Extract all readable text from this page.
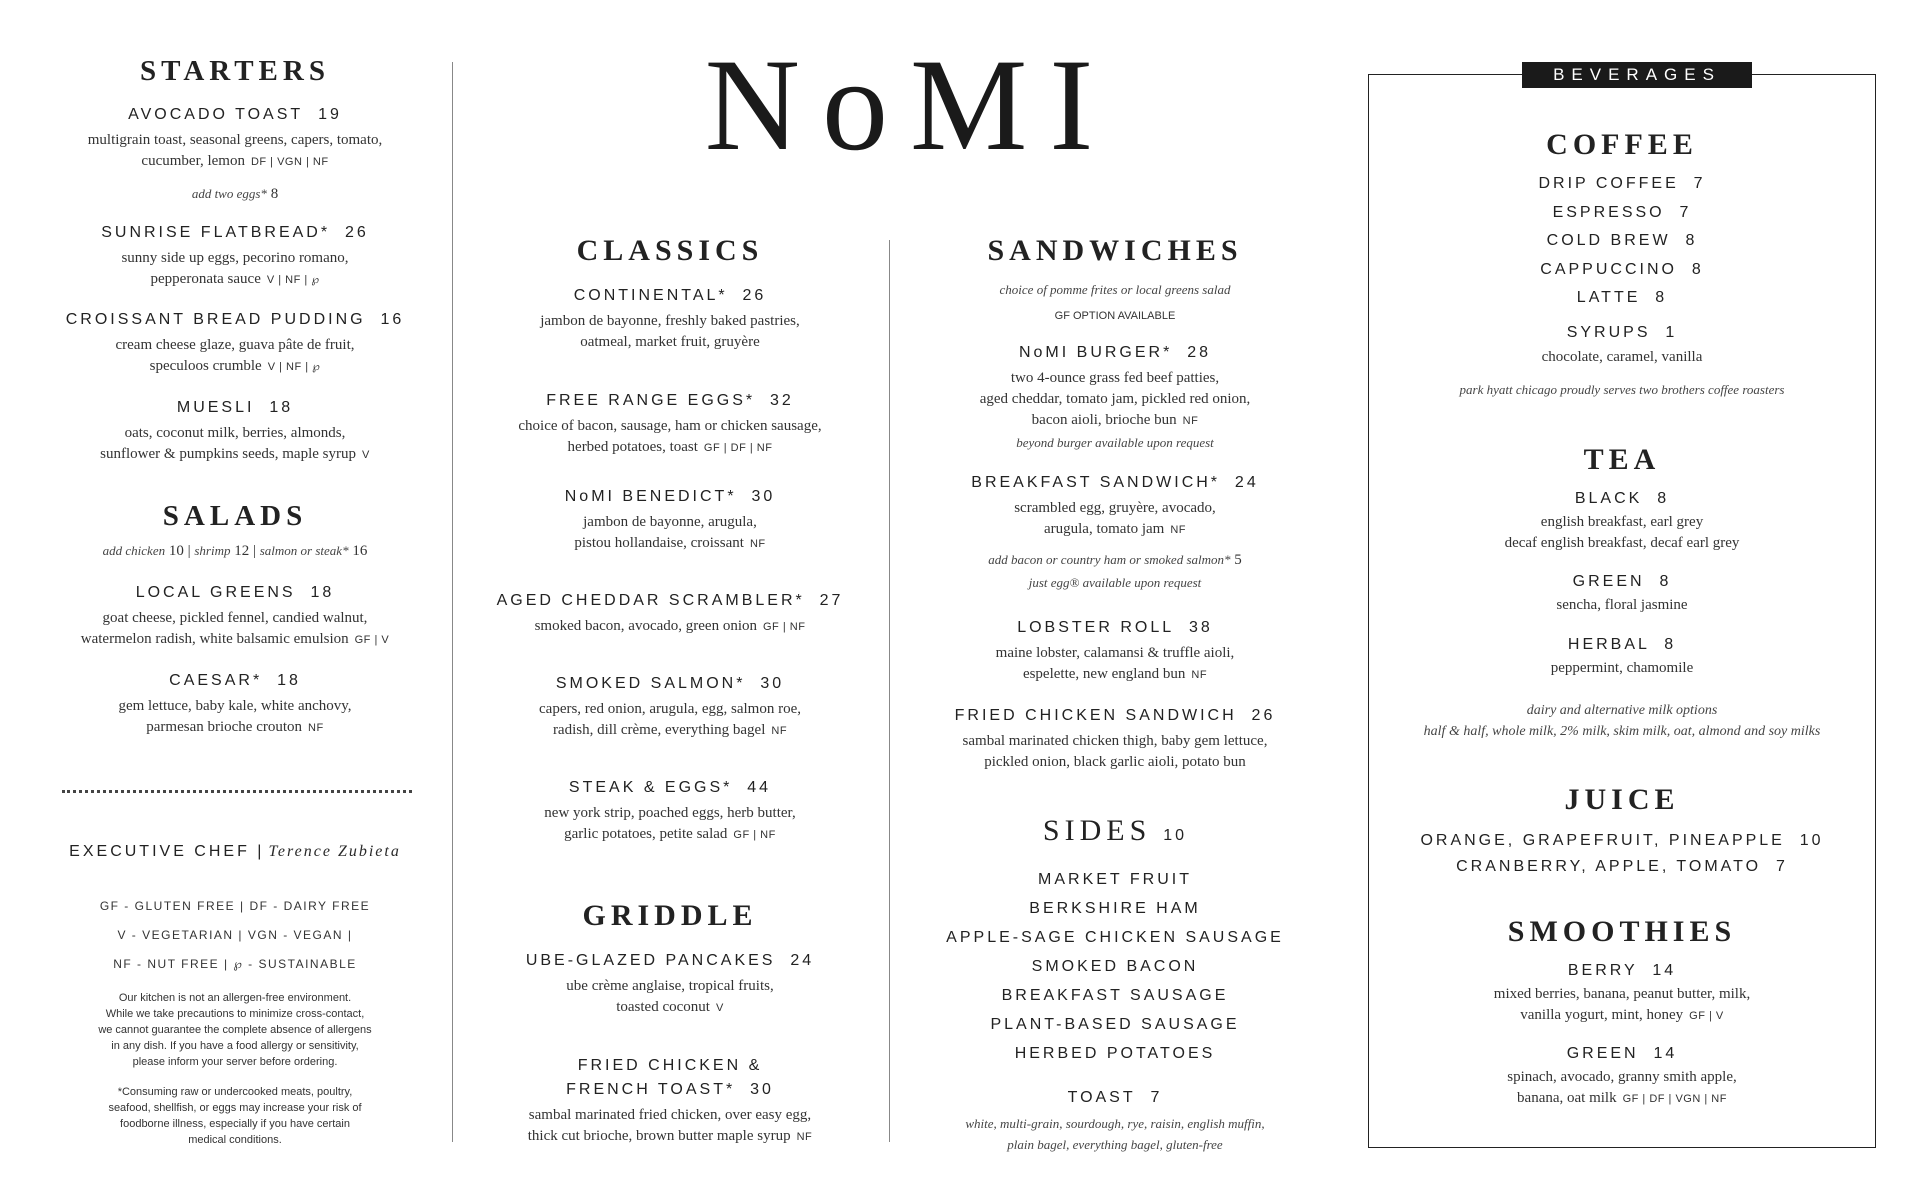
STARTERS

AVOCADO TOAST 19

multigrain toast, seasonal greens, capers, tomato,

cucumber, lemon DF | VGN | NF

add two eggs* 8

SUNRISE FLATBREAD* 26

sunny side up eggs, pecorino romano,

pepperonata sauce V | NF | ℘

CROISSANT BREAD PUDDING 16

cream cheese glaze, guava pâte de fruit,

speculoos crumble V | NF | ℘

MUESLI 18

oats, coconut milk, berries, almonds,

sunflower & pumpkins seeds, maple syrup V

SALADS

add chicken 10 | shrimp 12 | salmon or steak* 16

LOCAL GREENS 18

goat cheese, pickled fennel, candied walnut,

watermelon radish, white balsamic emulsion GF | V

CAESAR* 18

gem lettuce, baby kale, white anchovy,

parmesan brioche crouton NF

EXECUTIVE CHEF | Terence Zubieta

GF - GLUTEN FREE | DF - DAIRY FREE

V - VEGETARIAN | VGN - VEGAN |

NF - NUT FREE | ℘ - SUSTAINABLE

Our kitchen is not an allergen-free environment.

While we take precautions to minimize cross-contact,

we cannot guarantee the complete absence of allergens

in any dish. If you have a food allergy or sensitivity,

please inform your server before ordering.

*Consuming raw or undercooked meats, poultry,

seafood, shellfish, or eggs may increase your risk of

foodborne illness, especially if you have certain

medical conditions.

NoMI
CLASSICS

CONTINENTAL* 26

jambon de bayonne, freshly baked pastries,

oatmeal, market fruit, gruyère

FREE RANGE EGGS* 32

choice of bacon, sausage, ham or chicken sausage,

herbed potatoes, toast GF | DF | NF

NoMI BENEDICT* 30

jambon de bayonne, arugula,

pistou hollandaise, croissant NF

AGED CHEDDAR SCRAMBLER* 27

smoked bacon, avocado, green onion GF | NF

SMOKED SALMON* 30

capers, red onion, arugula, egg, salmon roe,

radish, dill crème, everything bagel NF

STEAK & EGGS* 44

new york strip, poached eggs, herb butter,

garlic potatoes, petite salad GF | NF

GRIDDLE

UBE-GLAZED PANCAKES 24

ube crème anglaise, tropical fruits,

toasted coconut V

FRIED CHICKEN &

FRENCH TOAST* 30

sambal marinated fried chicken, over easy egg,

thick cut brioche, brown butter maple syrup NF

SANDWICHES

choice of pomme frites or local greens salad

GF OPTION AVAILABLE

NoMI BURGER* 28

two 4-ounce grass fed beef patties,

aged cheddar, tomato jam, pickled red onion,

bacon aioli, brioche bun NF

beyond burger available upon request

BREAKFAST SANDWICH* 24

scrambled egg, gruyère, avocado,

arugula, tomato jam NF

add bacon or country ham or smoked salmon* 5

just egg® available upon request

LOBSTER ROLL 38

maine lobster, calamansi & truffle aioli,

espelette, new england bun NF

FRIED CHICKEN SANDWICH 26

sambal marinated chicken thigh, baby gem lettuce,

pickled onion, black garlic aioli, potato bun

SIDES 10

MARKET FRUIT

BERKSHIRE HAM

APPLE-SAGE CHICKEN SAUSAGE

SMOKED BACON

BREAKFAST SAUSAGE

PLANT-BASED SAUSAGE

HERBED POTATOES

TOAST 7

white, multi-grain, sourdough, rye, raisin, english muffin,

plain bagel, everything bagel, gluten-free

BEVERAGES
COFFEE

DRIP COFFEE  7

ESPRESSO  7

COLD BREW  8

CAPPUCCINO  8

LATTE  8

SYRUPS  1

chocolate, caramel, vanilla

park hyatt chicago proudly serves two brothers coffee roasters

TEA

BLACK  8

english breakfast, earl grey

decaf english breakfast, decaf earl grey

GREEN  8

sencha, floral jasmine

HERBAL  8

peppermint, chamomile

dairy and alternative milk options

half & half, whole milk, 2% milk, skim milk, oat, almond and soy milks

JUICE

ORANGE, GRAPEFRUIT, PINEAPPLE  10

CRANBERRY, APPLE, TOMATO  7

SMOOTHIES

BERRY  14

mixed berries, banana, peanut butter, milk,

vanilla yogurt, mint, honey GF | V

GREEN  14

spinach, avocado, granny smith apple,

banana, oat milk GF | DF | VGN | NF
